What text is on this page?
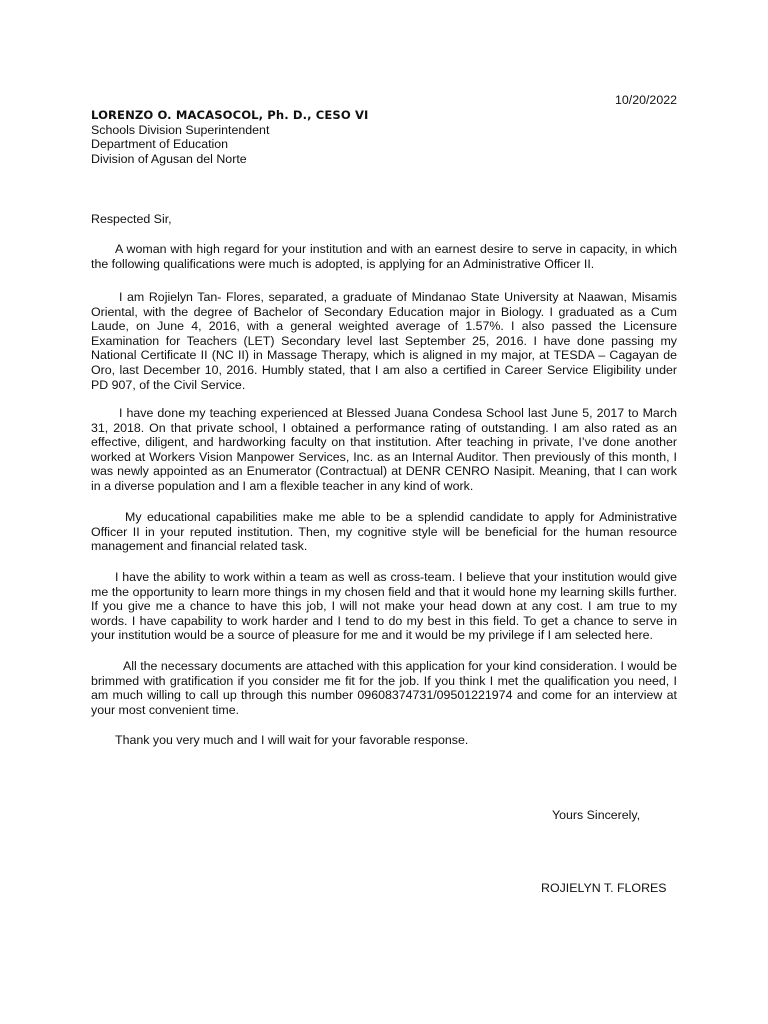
10/20/2022
LORENZO O. MACASOCOL, Ph. D., CESO VI
Schools Division Superintendent
Department of Education
Division of Agusan del Norte
Respected Sir,

A woman with high regard for your institution and with an earnest desire to serve in capacity, in which the following qualifications were much is adopted, is applying for an Administrative Officer II.

I am Rojielyn Tan- Flores, separated, a graduate of Mindanao State University at Naawan, Misamis Oriental, with the degree of Bachelor of Secondary Education major in Biology. I graduated as a Cum Laude, on June 4, 2016, with a general weighted average of 1.57%. I also passed the Licensure Examination for Teachers (LET) Secondary level last September 25, 2016. I have done passing my National Certificate II (NC II) in Massage Therapy, which is aligned in my major, at TESDA – Cagayan de Oro, last December 10, 2016. Humbly stated, that I am also a certified in Career Service Eligibility under PD 907, of the Civil Service.

I have done my teaching experienced at Blessed Juana Condesa School last June 5, 2017 to March 31, 2018. On that private school, I obtained a performance rating of outstanding. I am also rated as an effective, diligent, and hardworking faculty on that institution. After teaching in private, I’ve done another worked at Workers Vision Manpower Services, Inc. as an Internal Auditor. Then previously of this month, I was newly appointed as an Enumerator (Contractual) at DENR CENRO Nasipit. Meaning, that I can work in a diverse population and I am a flexible teacher in any kind of work.

My educational capabilities make me able to be a splendid candidate to apply for Administrative Officer II in your reputed institution. Then, my cognitive style will be beneficial for the human resource management and financial related task.

I have the ability to work within a team as well as cross-team. I believe that your institution would give me the opportunity to learn more things in my chosen field and that it would hone my learning skills further. If you give me a chance to have this job, I will not make your head down at any cost. I am true to my words. I have capability to work harder and I tend to do my best in this field. To get a chance to serve in your institution would be a source of pleasure for me and it would be my privilege if I am selected here.

All the necessary documents are attached with this application for your kind consideration. I would be brimmed with gratification if you consider me fit for the job. If you think I met the qualification you need, I am much willing to call up through this number 09608374731/09501221974 and come for an interview at your most convenient time.

Thank you very much and I will wait for your favorable response.

Yours Sincerely,
ROJIELYN T. FLORES
